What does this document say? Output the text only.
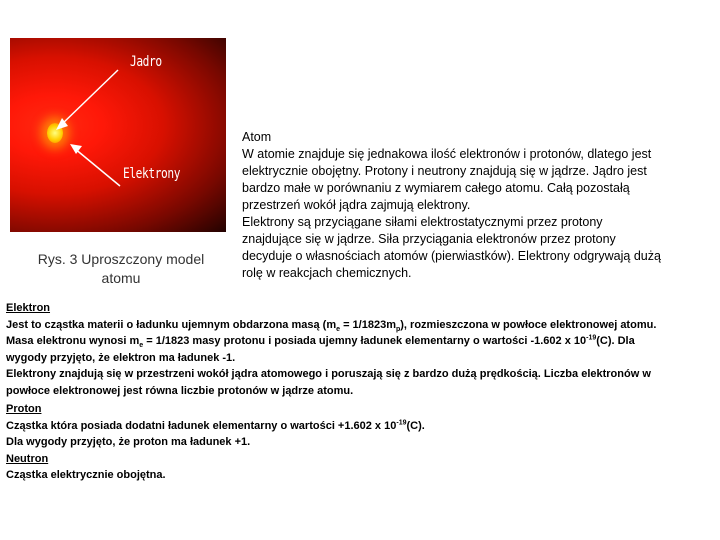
Jadro
Elektrony
Rys. 3 Uproszczony model atomu
Atom
W atomie znajduje się jednakowa ilość elektronów i protonów, dlatego jest
elektrycznie obojętny. Protony i neutrony znajdują się w jądrze. Jądro jest
bardzo małe w porównaniu z wymiarem całego atomu. Całą pozostałą
przestrzeń wokół jądra zajmują elektrony.
Elektrony są przyciągane siłami elektrostatycznymi przez protony
znajdujące się w jądrze. Siła przyciągania elektronów przez protony
decyduje o własnościach atomów (pierwiastków). Elektrony odgrywają dużą
rolę w reakcjach chemicznych.
Elektron
Jest to cząstka materii o ładunku ujemnym obdarzona masą $(m_e = 1/1823m_p)$, rozmieszczona w powłoce elektronowej atomu.
Masa elektronu wynosi $m_e = 1/1823$ masy protonu i posiada ujemny ładunek elementarny o wartości -1.602 x $10^{-19}(C)$. Dla
wygody przyjęto, że elektron ma ładunek -1.
Elektrony znajdują się w przestrzeni wokół jądra atomowego i poruszają się z bardzo dużą prędkością. Liczba elektronów w
powłoce elektronowej jest równa liczbie protonów w jądrze atomu.
Proton
Cząstka która posiada dodatni ładunek elementarny o wartości +1.602 x $10^{-19}(C)$.
Dla wygody przyjęto, że proton ma ładunek +1.
Neutron
Cząstka elektrycznie obojętna.
